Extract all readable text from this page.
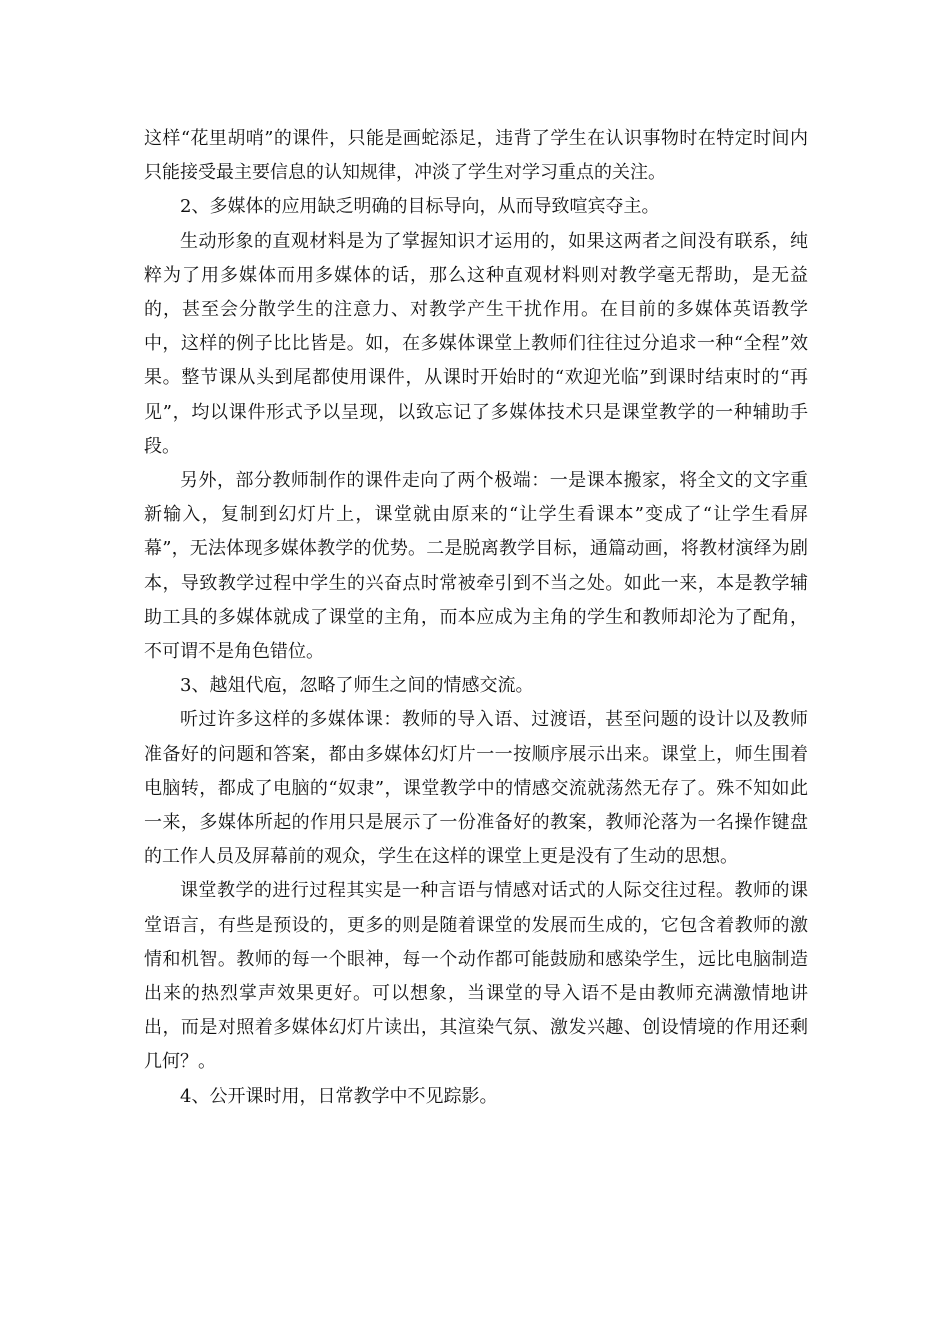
这样“花里胡哨”的课件，只能是画蛇添足，违背了学生在认识事物时在特定时间内只能接受最主要信息的认知规律，冲淡了学生对学习重点的关注。

2、多媒体的应用缺乏明确的目标导向，从而导致喧宾夺主。

生动形象的直观材料是为了掌握知识才运用的，如果这两者之间没有联系，纯粹为了用多媒体而用多媒体的话，那么这种直观材料则对教学毫无帮助，是无益的，甚至会分散学生的注意力、对教学产生干扰作用。在目前的多媒体英语教学中，这样的例子比比皆是。如，在多媒体课堂上教师们往往过分追求一种“全程”效果。整节课从头到尾都使用课件，从课时开始时的“欢迎光临”到课时结束时的“再见”，均以课件形式予以呈现，以致忘记了多媒体技术只是课堂教学的一种辅助手段。

另外，部分教师制作的课件走向了两个极端：一是课本搬家，将全文的文字重新输入，复制到幻灯片上，课堂就由原来的“让学生看课本”变成了“让学生看屏幕”，无法体现多媒体教学的优势。二是脱离教学目标，通篇动画，将教材演绎为剧本，导致教学过程中学生的兴奋点时常被牵引到不当之处。如此一来，本是教学辅助工具的多媒体就成了课堂的主角，而本应成为主角的学生和教师却沦为了配角，不可谓不是角色错位。

3、越俎代庖，忽略了师生之间的情感交流。

听过许多这样的多媒体课：教师的导入语、过渡语，甚至问题的设计以及教师准备好的问题和答案，都由多媒体幻灯片一一按顺序展示出来。课堂上，师生围着电脑转，都成了电脑的“奴隶”，课堂教学中的情感交流就荡然无存了。殊不知如此一来，多媒体所起的作用只是展示了一份准备好的教案，教师沦落为一名操作键盘的工作人员及屏幕前的观众，学生在这样的课堂上更是没有了生动的思想。

课堂教学的进行过程其实是一种言语与情感对话式的人际交往过程。教师的课堂语言，有些是预设的，更多的则是随着课堂的发展而生成的，它包含着教师的激情和机智。教师的每一个眼神，每一个动作都可能鼓励和感染学生，远比电脑制造出来的热烈掌声效果更好。可以想象，当课堂的导入语不是由教师充满激情地讲出，而是对照着多媒体幻灯片读出，其渲染气氛、激发兴趣、创设情境的作用还剩几何？。

4、公开课时用，日常教学中不见踪影。
